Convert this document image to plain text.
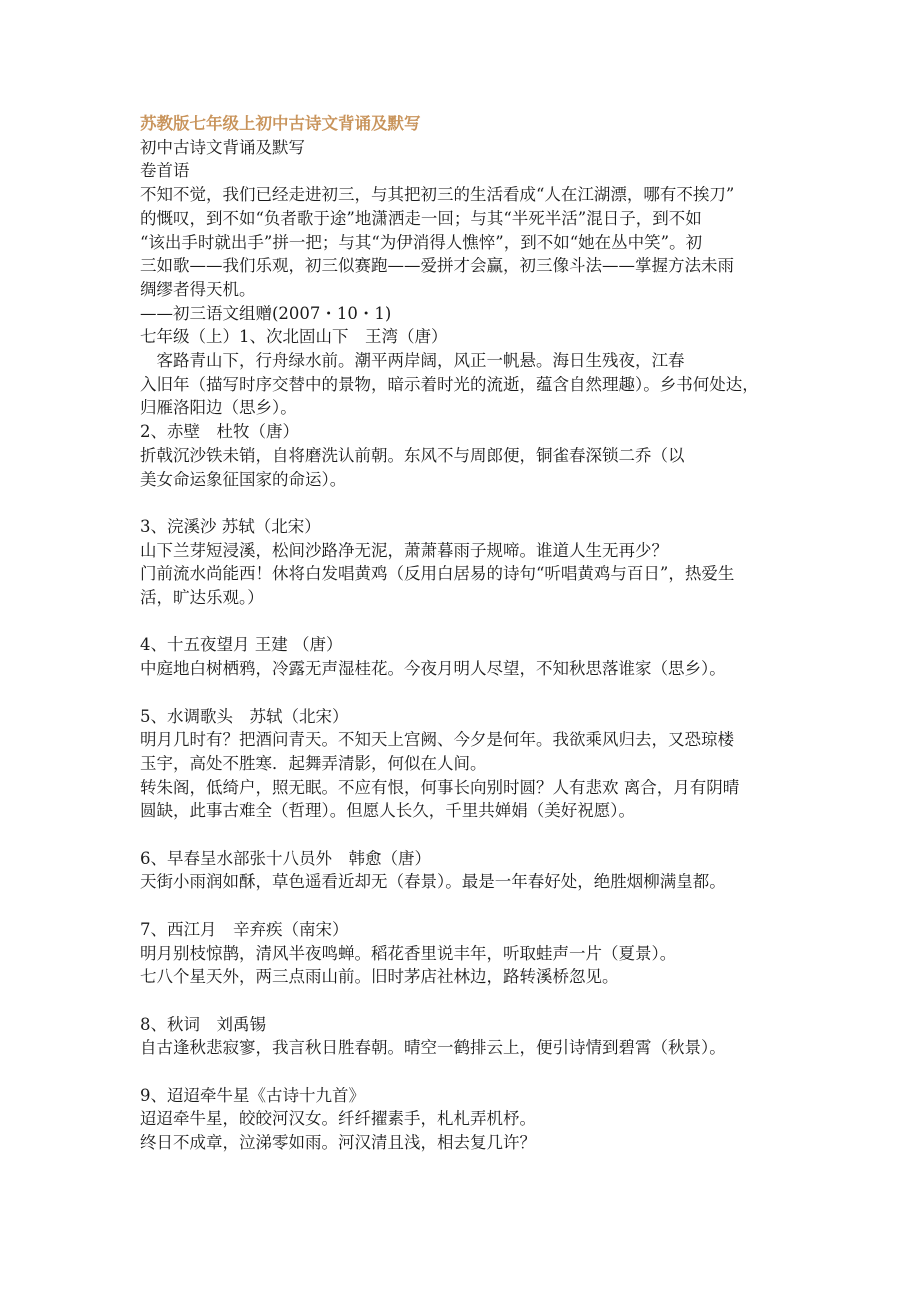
苏教版七年级上初中古诗文背诵及默写
初中古诗文背诵及默写
卷首语
不知不觉，我们已经走进初三，与其把初三的生活看成“人在江湖漂，哪有不挨刀”
的慨叹，到不如“负者歌于途”地潇洒走一回；与其“半死半活”混日子，到不如
“该出手时就出手”拼一把；与其“为伊消得人憔悴”，到不如“她在丛中笑”。初
三如歌——我们乐观，初三似赛跑——爱拼才会赢，初三像斗法——掌握方法未雨
绸缪者得天机。
——初三语文组赠(2007・10・1)
七年级（上）1、次北固山下　王湾（唐）
　客路青山下，行舟绿水前。潮平两岸阔，风正一帆悬。海日生残夜，江春
入旧年（描写时序交替中的景物，暗示着时光的流逝，蕴含自然理趣）。乡书何处达，
归雁洛阳边（思乡）。
2、赤壁　杜牧（唐）
折戟沉沙铁未销，自将磨洗认前朝。东风不与周郎便，铜雀春深锁二乔（以
美女命运象征国家的命运）。
3、浣溪沙 苏轼（北宋）
山下兰芽短浸溪，松间沙路净无泥，萧萧暮雨子规啼。谁道人生无再少？
门前流水尚能西！休将白发唱黄鸡（反用白居易的诗句“听唱黄鸡与百日”，热爱生
活，旷达乐观。）
4、十五夜望月 王建 （唐）
中庭地白树栖鸦，冷露无声湿桂花。今夜月明人尽望，不知秋思落谁家（思乡）。
5、水调歌头　苏轼（北宋）
明月几时有？把酒问青天。不知天上宫阙、今夕是何年。我欲乘风归去，又恐琼楼
玉宇，高处不胜寒．起舞弄清影，何似在人间。
转朱阁，低绮户，照无眠。不应有恨，何事长向别时圆？人有悲欢 离合，月有阴晴
圆缺，此事古难全（哲理）。但愿人长久，千里共婵娟（美好祝愿）。
6、早春呈水部张十八员外　韩愈（唐）
天街小雨润如酥，草色遥看近却无（春景）。最是一年春好处，绝胜烟柳满皇都。
7、西江月　辛弃疾（南宋）
明月别枝惊鹊，清风半夜鸣蝉。稻花香里说丰年，听取蛙声一片（夏景）。
七八个星天外，两三点雨山前。旧时茅店社林边，路转溪桥忽见。
8、秋词　刘禹锡
自古逢秋悲寂寥，我言秋日胜春朝。晴空一鹤排云上，便引诗情到碧霄（秋景）。
9、迢迢牵牛星《古诗十九首》
迢迢牵牛星，皎皎河汉女。纤纤擢素手，札札弄机杼。
终日不成章，泣涕零如雨。河汉清且浅，相去复几许？
